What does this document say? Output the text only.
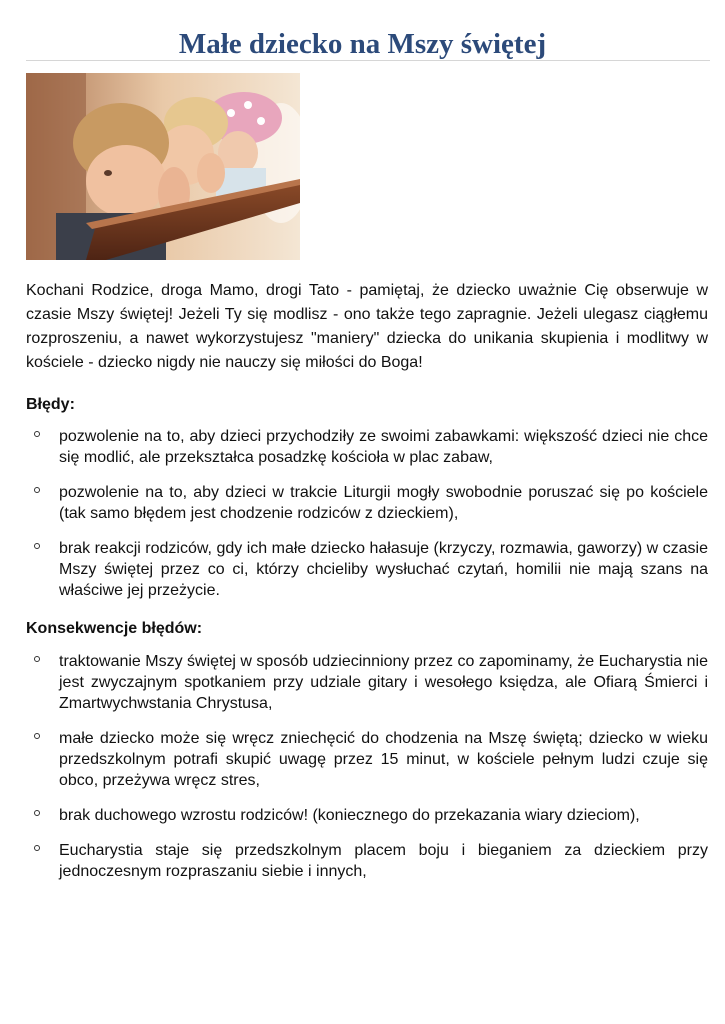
Małe dziecko na Mszy świętej

Kochani Rodzice, droga Mamo, drogi Tato - pamiętaj, że dziecko uważnie Cię obserwuje w czasie Mszy świętej! Jeżeli Ty się modlisz - ono także tego zapragnie. Jeżeli ulegasz ciągłemu rozproszeniu, a nawet wykorzystujesz "maniery" dziecka do unikania skupienia i modlitwy w kościele - dziecko nigdy nie nauczy się miłości do Boga!

Błędy:
pozwolenie na to, aby dzieci przychodziły ze swoimi zabawkami: większość dzieci nie chce się modlić, ale przekształca posadzkę kościoła w plac zabaw,
pozwolenie na to, aby dzieci w trakcie Liturgii mogły swobodnie poruszać się po kościele (tak samo błędem jest chodzenie rodziców z dzieckiem),
brak reakcji rodziców, gdy ich małe dziecko hałasuje (krzyczy, rozmawia, gaworzy) w czasie Mszy świętej przez co ci, którzy chcieliby wysłuchać czytań, homilii nie mają szans na właściwe jej przeżycie.
Konsekwencje błędów:
traktowanie Mszy świętej w sposób udziecinniony przez co zapominamy, że Eucharystia nie jest zwyczajnym spotkaniem przy udziale gitary i wesołego księdza, ale Ofiarą Śmierci i Zmartwychwstania Chrystusa,
małe dziecko może się wręcz zniechęcić do chodzenia na Mszę świętą; dziecko w wieku przedszkolnym potrafi skupić uwagę przez 15 minut, w kościele pełnym ludzi czuje się obco, przeżywa wręcz stres,
brak duchowego wzrostu rodziców! (koniecznego do przekazania wiary dzieciom),
Eucharystia staje się przedszkolnym placem boju i bieganiem za dzieckiem przy jednoczesnym rozpraszaniu siebie i innych,
